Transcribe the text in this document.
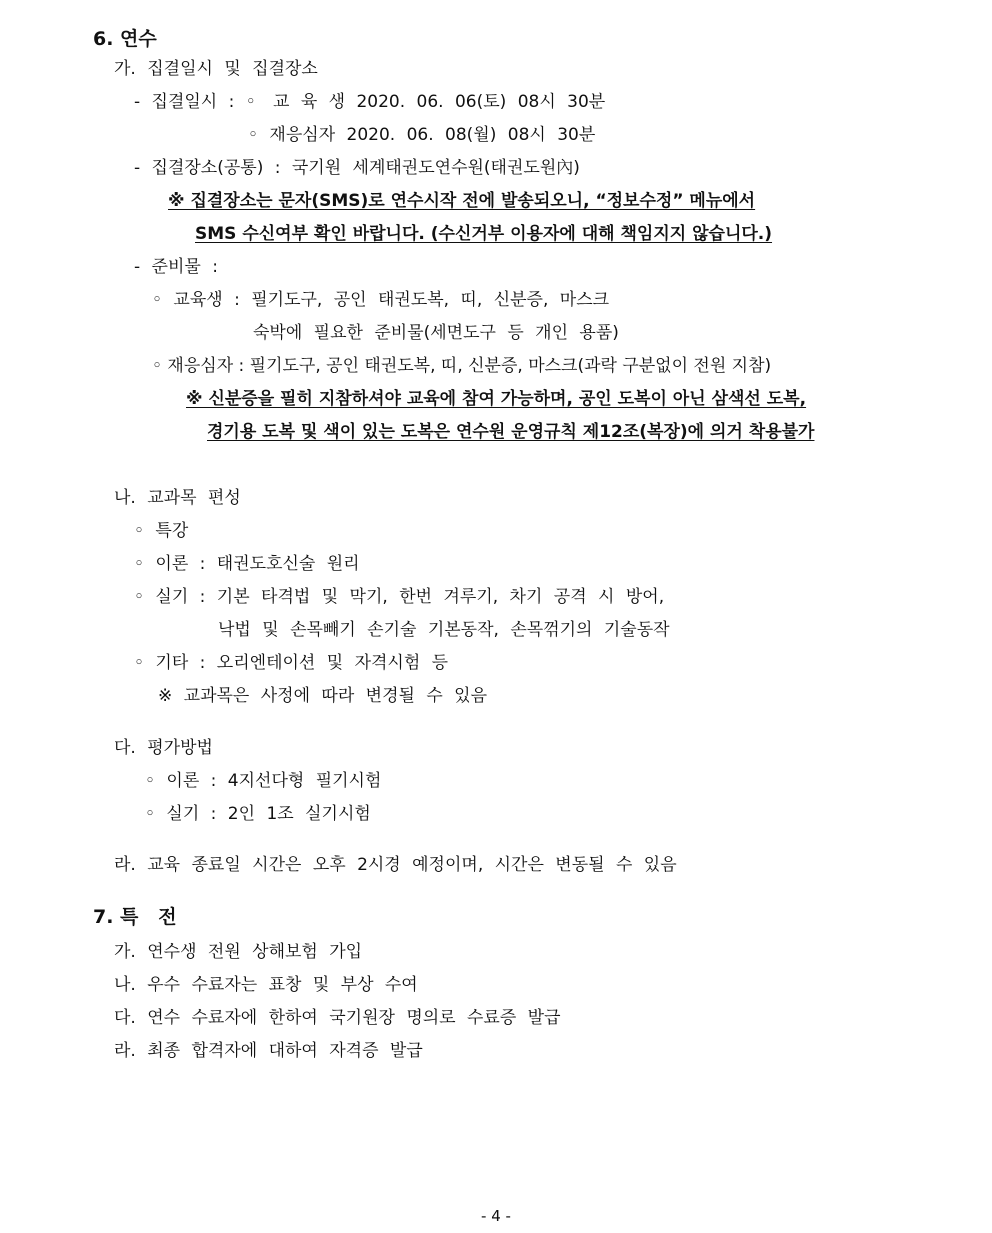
6. 연수
가. 집결일시 및 집결장소
- 집결일시 : ◦ 교 육 생 2020. 06. 06(토) 08시 30분
◦ 재응심자 2020. 06. 08(월) 08시 30분
- 집결장소(공통) : 국기원 세계태권도연수원(태권도원內)
※ 집결장소는 문자(SMS)로 연수시작 전에 발송되오니, “정보수정” 메뉴에서
SMS 수신여부 확인 바랍니다. (수신거부 이용자에 대해 책임지지 않습니다.)
- 준비물 :
◦ 교육생 : 필기도구, 공인 태권도복, 띠, 신분증, 마스크
숙박에 필요한 준비물(세면도구 등 개인 용품)
◦ 재응심자 : 필기도구, 공인 태권도복, 띠, 신분증, 마스크(과락 구분없이 전원 지참)
※ 신분증을 필히 지참하셔야 교육에 참여 가능하며, 공인 도복이 아닌 삼색선 도복,
경기용 도복 및 색이 있는 도복은 연수원 운영규칙 제12조(복장)에 의거 착용불가
나. 교과목 편성
◦ 특강
◦ 이론 : 태권도호신술 원리
◦ 실기 : 기본 타격법 및 막기, 한번 겨루기, 차기 공격 시 방어,
낙법 및 손목빼기 손기술 기본동작, 손목꺾기의 기술동작
◦ 기타 : 오리엔테이션 및 자격시험 등
※ 교과목은 사정에 따라 변경될 수 있음
다. 평가방법
◦ 이론 : 4지선다형 필기시험
◦ 실기 : 2인 1조 실기시험
라. 교육 종료일 시간은 오후 2시경 예정이며, 시간은 변동될 수 있음
7. 특   전
가. 연수생 전원 상해보험 가입
나. 우수 수료자는 표창 및 부상 수여
다. 연수 수료자에 한하여 국기원장 명의로 수료증 발급
라. 최종 합격자에 대하여 자격증 발급
- 4 -
